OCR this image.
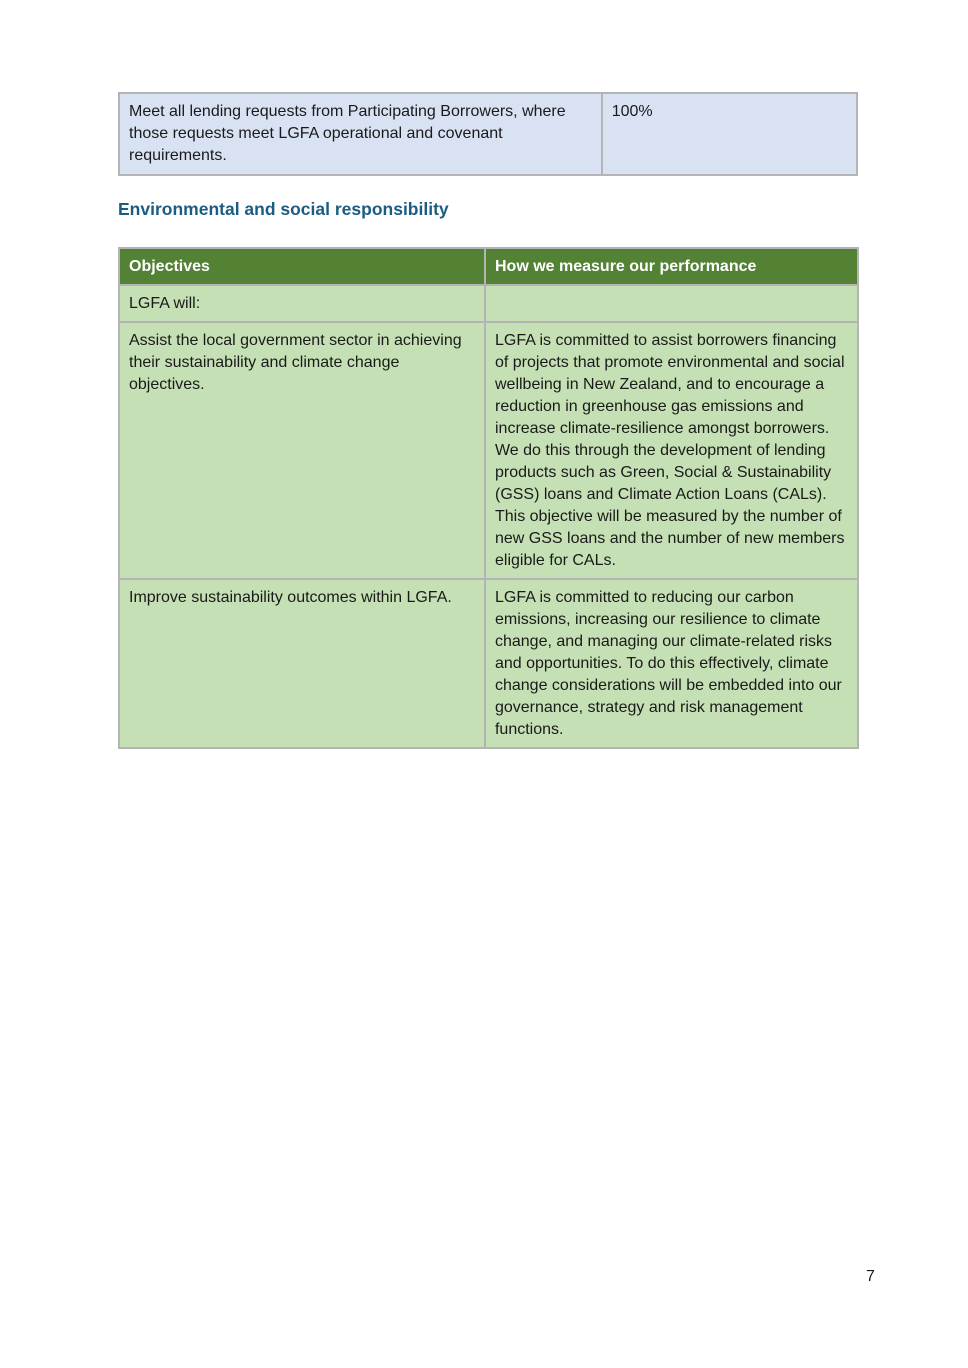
Meet all lending requests from Participating Borrowers, where those requests meet LGFA operational and covenant requirements.	100%
Environmental and social responsibility
Objectives	How we measure our performance
LGFA will:	
Assist the local government sector in achieving their sustainability and climate change objectives.	LGFA is committed to assist borrowers financing of projects that promote environmental and social wellbeing in New Zealand, and to encourage a reduction in greenhouse gas emissions and increase climate-resilience amongst borrowers. We do this through the development of lending products such as Green, Social & Sustainability (GSS) loans and Climate Action Loans (CALs). This objective will be measured by the number of new GSS loans and the number of new members eligible for CALs.
Improve sustainability outcomes within LGFA.	LGFA is committed to reducing our carbon emissions, increasing our resilience to climate change, and managing our climate-related risks and opportunities. To do this effectively, climate change considerations will be embedded into our governance, strategy and risk management functions.
7
